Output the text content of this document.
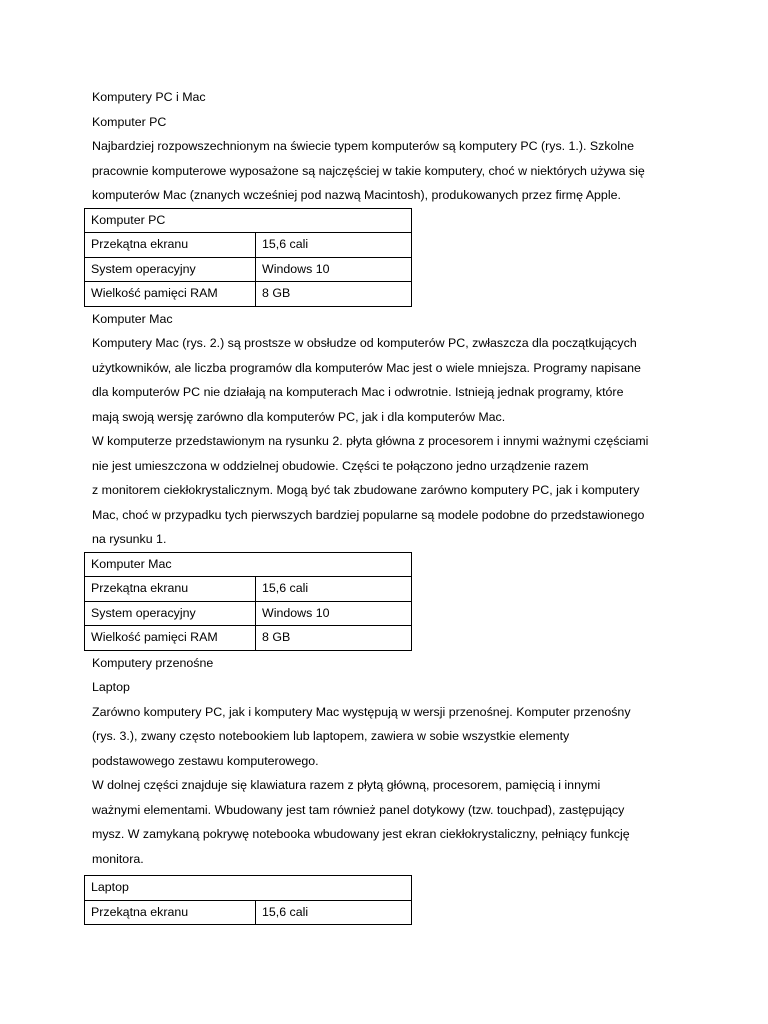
Komputery PC i Mac
Komputer PC
Najbardziej rozpowszechnionym na świecie typem komputerów są komputery PC (rys. 1.). Szkolne
pracownie komputerowe wyposażone są najczęściej w takie komputery, choć w niektórych używa się
komputerów Mac (znanych wcześniej pod nazwą Macintosh), produkowanych przez firmę Apple.
Komputer PC	
Przekątna ekranu	15,6 cali
System operacyjny	Windows 10
Wielkość pamięci RAM	8 GB
Komputer Mac
Komputery Mac (rys. 2.) są prostsze w obsłudze od komputerów PC, zwłaszcza dla początkujących
użytkowników, ale liczba programów dla komputerów Mac jest o wiele mniejsza. Programy napisane
dla komputerów PC nie działają na komputerach Mac i odwrotnie. Istnieją jednak programy, które
mają swoją wersję zarówno dla komputerów PC, jak i dla komputerów Mac.
W komputerze przedstawionym na rysunku 2. płyta główna z procesorem i innymi ważnymi częściami
nie jest umieszczona w oddzielnej obudowie. Części te połączono jedno urządzenie razem
z monitorem ciekłokrystalicznym. Mogą być tak zbudowane zarówno komputery PC, jak i komputery
Mac, choć w przypadku tych pierwszych bardziej popularne są modele podobne do przedstawionego
na rysunku 1.
Komputer Mac	
Przekątna ekranu	15,6 cali
System operacyjny	Windows 10
Wielkość pamięci RAM	8 GB
Komputery przenośne
Laptop
Zarówno komputery PC, jak i komputery Mac występują w wersji przenośnej. Komputer przenośny
(rys. 3.), zwany często notebookiem lub laptopem, zawiera w sobie wszystkie elementy
podstawowego zestawu komputerowego.
W dolnej części znajduje się klawiatura razem z płytą główną, procesorem, pamięcią i innymi
ważnymi elementami. Wbudowany jest tam również panel dotykowy (tzw. touchpad), zastępujący
mysz. W zamykaną pokrywę notebooka wbudowany jest ekran ciekłokrystaliczny, pełniący funkcję
monitora.
Laptop
Przekątna ekranu	15,6 cali
